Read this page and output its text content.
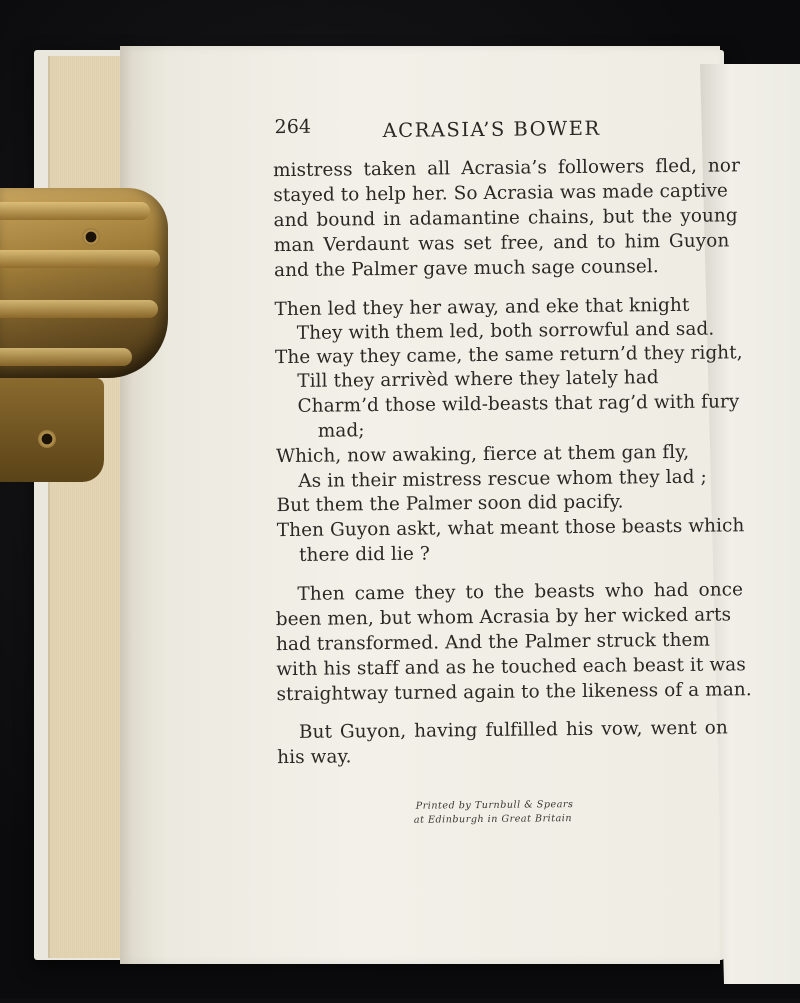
264	ACRASIA’S BOWER
mistress taken all Acrasia’s followers fled, nor
stayed to help her. So Acrasia was made captive
and bound in adamantine chains, but the young
man Verdaunt was set free, and to him Guyon
and the Palmer gave much sage counsel.
Then led they her away, and eke that knight
They with them led, both sorrowful and sad.
The way they came, the same return’d they right,
Till they arrivèd where they lately had
Charm’d those wild-beasts that rag’d with fury
mad;
Which, now awaking, fierce at them gan fly,
As in their mistress rescue whom they lad ;
But them the Palmer soon did pacify.
Then Guyon askt, what meant those beasts which
there did lie ?
Then came they to the beasts who had once
been men, but whom Acrasia by her wicked arts
had transformed. And the Palmer struck them
with his staff and as he touched each beast it was
straightway turned again to the likeness of a man.
But Guyon, having fulfilled his vow, went on
his way.
Printed by Turnbull & Spears
at Edinburgh in Great Britain
